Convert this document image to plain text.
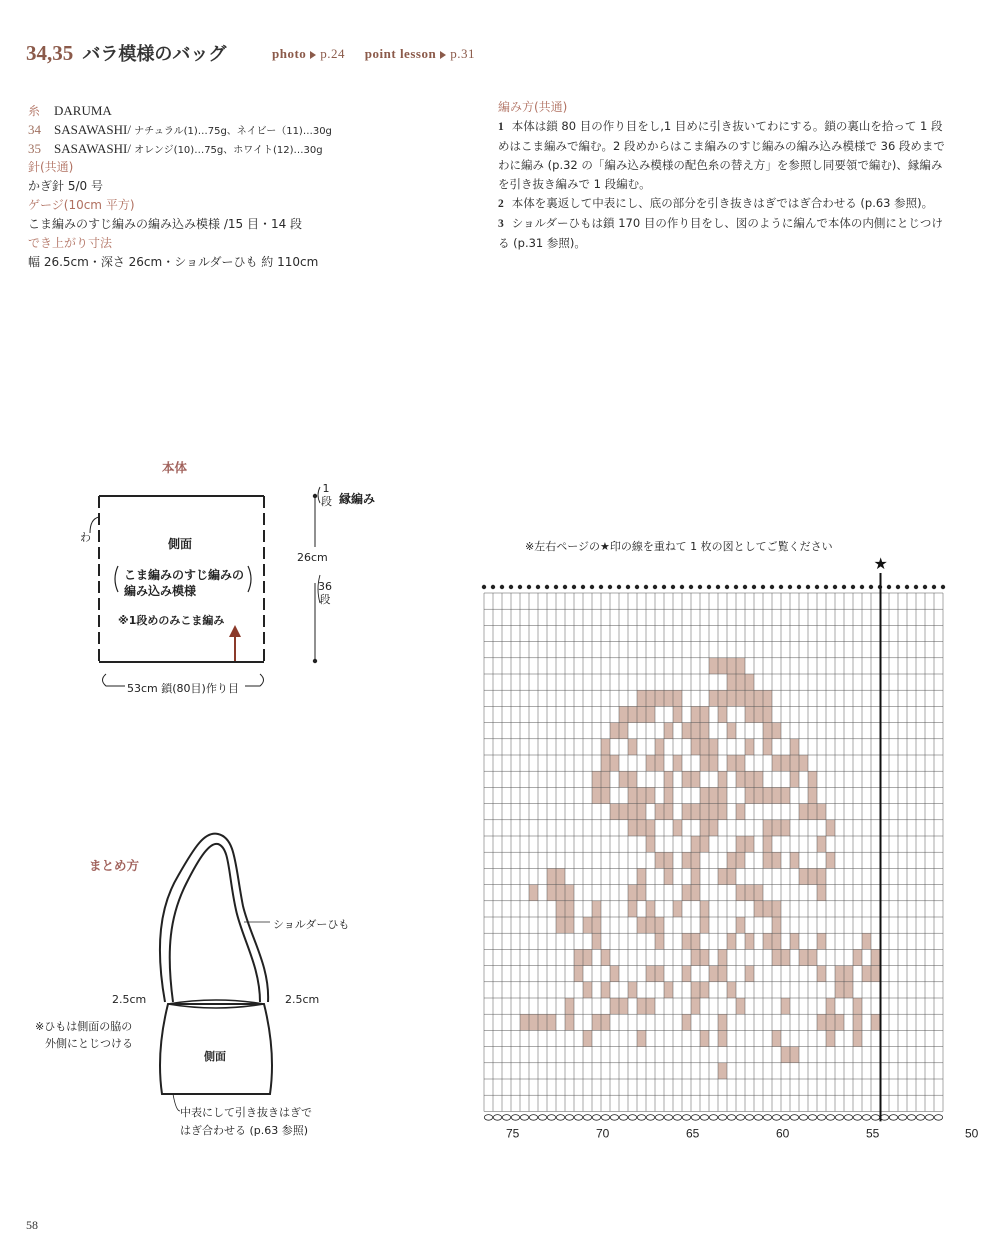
34,35 バラ模様のバッグ	photo p.24 point lesson p.31
糸 DARUMA
34 SASAWASHI/ ナチュラル(1)…75g、ネイビー（11)…30g
35 SASAWASHI/ オレンジ(10)…75g、ホワイト(12)…30g
針(共通)
かぎ針 5/0 号
ゲージ(10cm 平方)
こま編みのすじ編みの編み込み模様 /15 目・14 段
でき上がり寸法
幅 26.5cm・深さ 26cm・ショルダーひも 約 110cm

編み方(共通)

1 本体は鎖 80 目の作り目をし,1 目めに引き抜いてわにする。鎖の裏山を拾って 1 段めはこま編みで編む。2 段めからはこま編みのすじ編みの編み込み模様で 36 段めまでわに編み (p.32 の「編み込み模様の配色糸の替え方」を参照し同要領で編む)、縁編みを引き抜き編みで 1 段編む。

2 本体を裏返して中表にし、底の部分を引き抜きはぎではぎ合わせる (p.63 参照)。

3 ショルダーひもは鎖 170 目の作り目をし、図のように編んで本体の内側にとじつける (p.31 参照)。

本体
わ	側面
こま編みのすじ編みの
編み込み模様
※1段めのみこま編み
53cm 鎖(80目)作り目
26cm
1
段 縁編み
36
段
まとめ方
ショルダーひも
2.5cm	2.5cm
※ひもは側面の脇の
外側にとじつける
側面
中表にして引き抜きはぎで
はぎ合わせる (p.63 参照)
※左右ページの★印の線を重ねて 1 枚の図としてご覧ください
★
75	70	65	60	55	50
58
